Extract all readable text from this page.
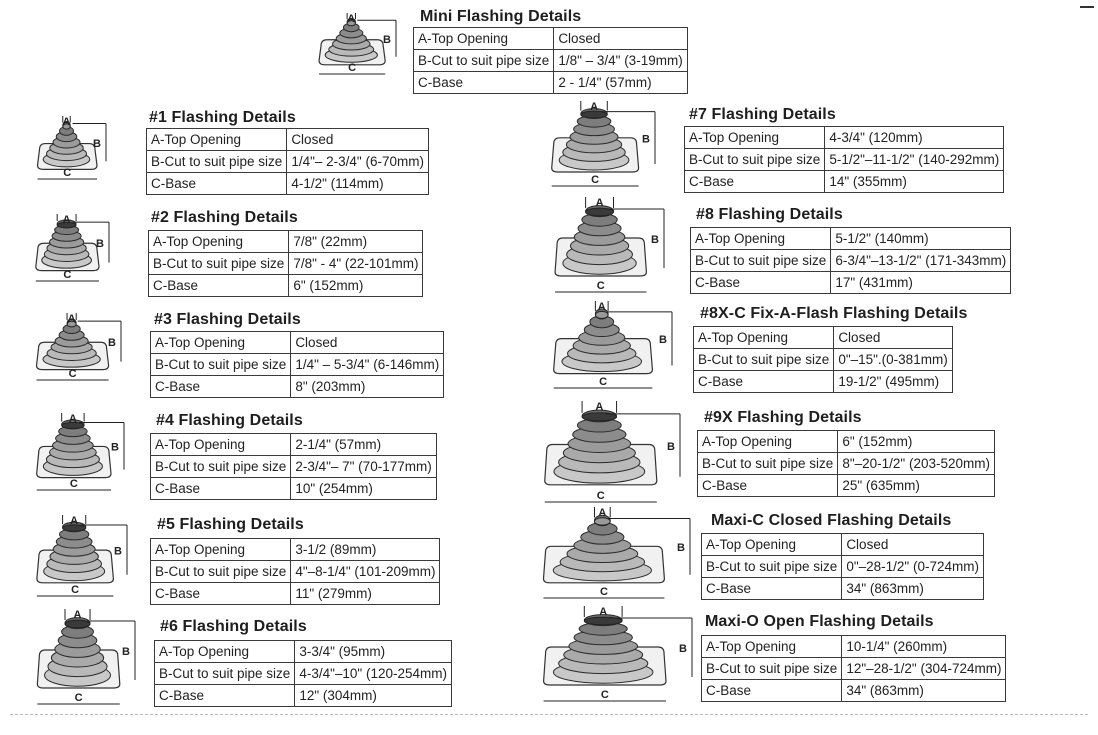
A
B
C
Mini Flashing Details
A-Top Opening	Closed
B-Cut to suit pipe size	1/8" – 3/4" (3-19mm)
C-Base	2 - 1/4" (57mm)
A
B
C
#1 Flashing Details
A-Top Opening	Closed
B-Cut to suit pipe size	1/4"– 2-3/4" (6-70mm)
C-Base	4-1/2" (114mm)
A
B
C
#2 Flashing Details
A-Top Opening	7/8" (22mm)
B-Cut to suit pipe size	7/8" - 4" (22-101mm)
C-Base	6" (152mm)
A
B
C
#3 Flashing Details
A-Top Opening	Closed
B-Cut to suit pipe size	1/4" – 5-3/4" (6-146mm)
C-Base	8" (203mm)
A
B
C
#4 Flashing Details
A-Top Opening	2-1/4" (57mm)
B-Cut to suit pipe size	2-3/4"– 7" (70-177mm)
C-Base	10" (254mm)
A
B
C
#5 Flashing Details
A-Top Opening	3-1/2 (89mm)
B-Cut to suit pipe size	4"–8-1/4" (101-209mm)
C-Base	11" (279mm)
A
B
C
#6 Flashing Details
A-Top Opening	3-3/4" (95mm)
B-Cut to suit pipe size	4-3/4"–10" (120-254mm)
C-Base	12" (304mm)
A
B
C
#7 Flashing Details
A-Top Opening	4-3/4" (120mm)
B-Cut to suit pipe size	5-1/2"–11-1/2" (140-292mm)
C-Base	14" (355mm)
A
B
C
#8 Flashing Details
A-Top Opening	5-1/2" (140mm)
B-Cut to suit pipe size	6-3/4"–13-1/2" (171-343mm)
C-Base	17" (431mm)
A
B
C
#8X-C Fix-A-Flash Flashing Details
A-Top Opening	Closed
B-Cut to suit pipe size	0"–15".(0-381mm)
C-Base	19-1/2" (495mm)
A
B
C
#9X Flashing Details
A-Top Opening	6" (152mm)
B-Cut to suit pipe size	8"–20-1/2" (203-520mm)
C-Base	25" (635mm)
A
B
C
Maxi-C Closed Flashing Details
A-Top Opening	Closed
B-Cut to suit pipe size	0"–28-1/2" (0-724mm)
C-Base	34" (863mm)
A
B
C
Maxi-O Open Flashing Details
A-Top Opening	10-1/4" (260mm)
B-Cut to suit pipe size	12"–28-1/2" (304-724mm)
C-Base	34" (863mm)
